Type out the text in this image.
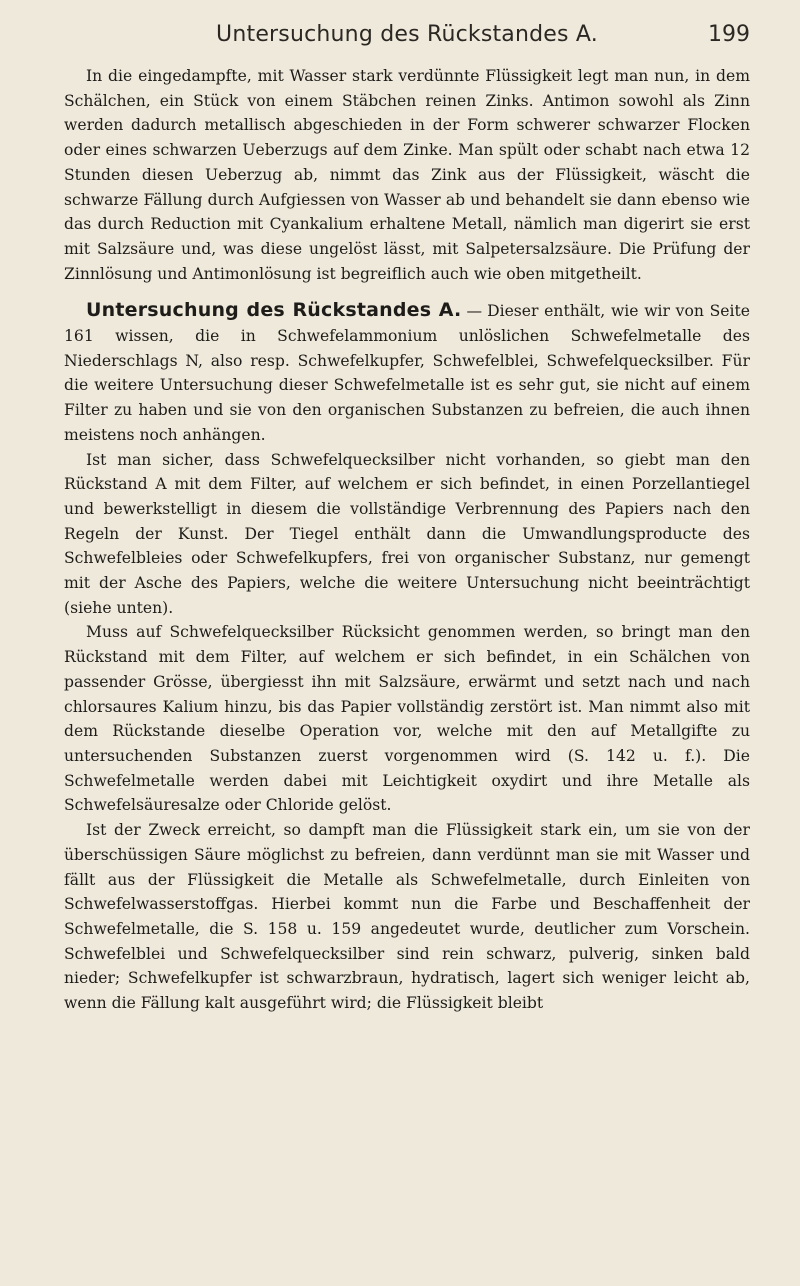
Untersuchung des Rückstandes A.	199

In die eingedampfte, mit Wasser stark verdünnte Flüssigkeit legt man nun, in dem Schälchen, ein Stück von einem Stäbchen reinen Zinks. Antimon sowohl als Zinn werden dadurch metallisch abgeschieden in der Form schwerer schwarzer Flocken oder eines schwarzen Ueberzugs auf dem Zinke. Man spült oder schabt nach etwa 12 Stunden diesen Ueberzug ab, nimmt das Zink aus der Flüssigkeit, wäscht die schwarze Fällung durch Aufgiessen von Wasser ab und behandelt sie dann ebenso wie das durch Reduction mit Cyankalium erhaltene Metall, nämlich man digerirt sie erst mit Salzsäure und, was diese ungelöst lässt, mit Salpetersalzsäure. Die Prüfung der Zinnlösung und Antimonlösung ist begreiflich auch wie oben mitgetheilt.

Untersuchung des Rückstandes A. — Dieser enthält, wie wir von Seite 161 wissen, die in Schwefelammonium unlöslichen Schwefelmetalle des Niederschlags N, also resp. Schwefelkupfer, Schwefelblei, Schwefelquecksilber. Für die weitere Untersuchung dieser Schwefelmetalle ist es sehr gut, sie nicht auf einem Filter zu haben und sie von den organischen Substanzen zu befreien, die auch ihnen meistens noch anhängen.

Ist man sicher, dass Schwefelquecksilber nicht vorhanden, so giebt man den Rückstand A mit dem Filter, auf welchem er sich befindet, in einen Porzellantiegel und bewerkstelligt in diesem die vollständige Verbrennung des Papiers nach den Regeln der Kunst. Der Tiegel enthält dann die Umwandlungsproducte des Schwefelbleies oder Schwefelkupfers, frei von organischer Substanz, nur gemengt mit der Asche des Papiers, welche die weitere Untersuchung nicht beeinträchtigt (siehe unten).

Muss auf Schwefelquecksilber Rücksicht genommen werden, so bringt man den Rückstand mit dem Filter, auf welchem er sich befindet, in ein Schälchen von passender Grösse, übergiesst ihn mit Salzsäure, erwärmt und setzt nach und nach chlorsaures Kalium hinzu, bis das Papier vollständig zerstört ist. Man nimmt also mit dem Rückstande dieselbe Operation vor, welche mit den auf Metallgifte zu untersuchenden Substanzen zuerst vorgenommen wird (S. 142 u. f.). Die Schwefelmetalle werden dabei mit Leichtigkeit oxydirt und ihre Metalle als Schwefelsäuresalze oder Chloride gelöst.

Ist der Zweck erreicht, so dampft man die Flüssigkeit stark ein, um sie von der überschüssigen Säure möglichst zu befreien, dann verdünnt man sie mit Wasser und fällt aus der Flüssigkeit die Metalle als Schwefelmetalle, durch Einleiten von Schwefelwasserstoffgas. Hierbei kommt nun die Farbe und Beschaffenheit der Schwefelmetalle, die S. 158 u. 159 angedeutet wurde, deutlicher zum Vorschein. Schwefelblei und Schwefelquecksilber sind rein schwarz, pulverig, sinken bald nieder; Schwefelkupfer ist schwarzbraun, hydratisch, lagert sich weniger leicht ab, wenn die Fällung kalt ausgeführt wird; die Flüssigkeit bleibt
